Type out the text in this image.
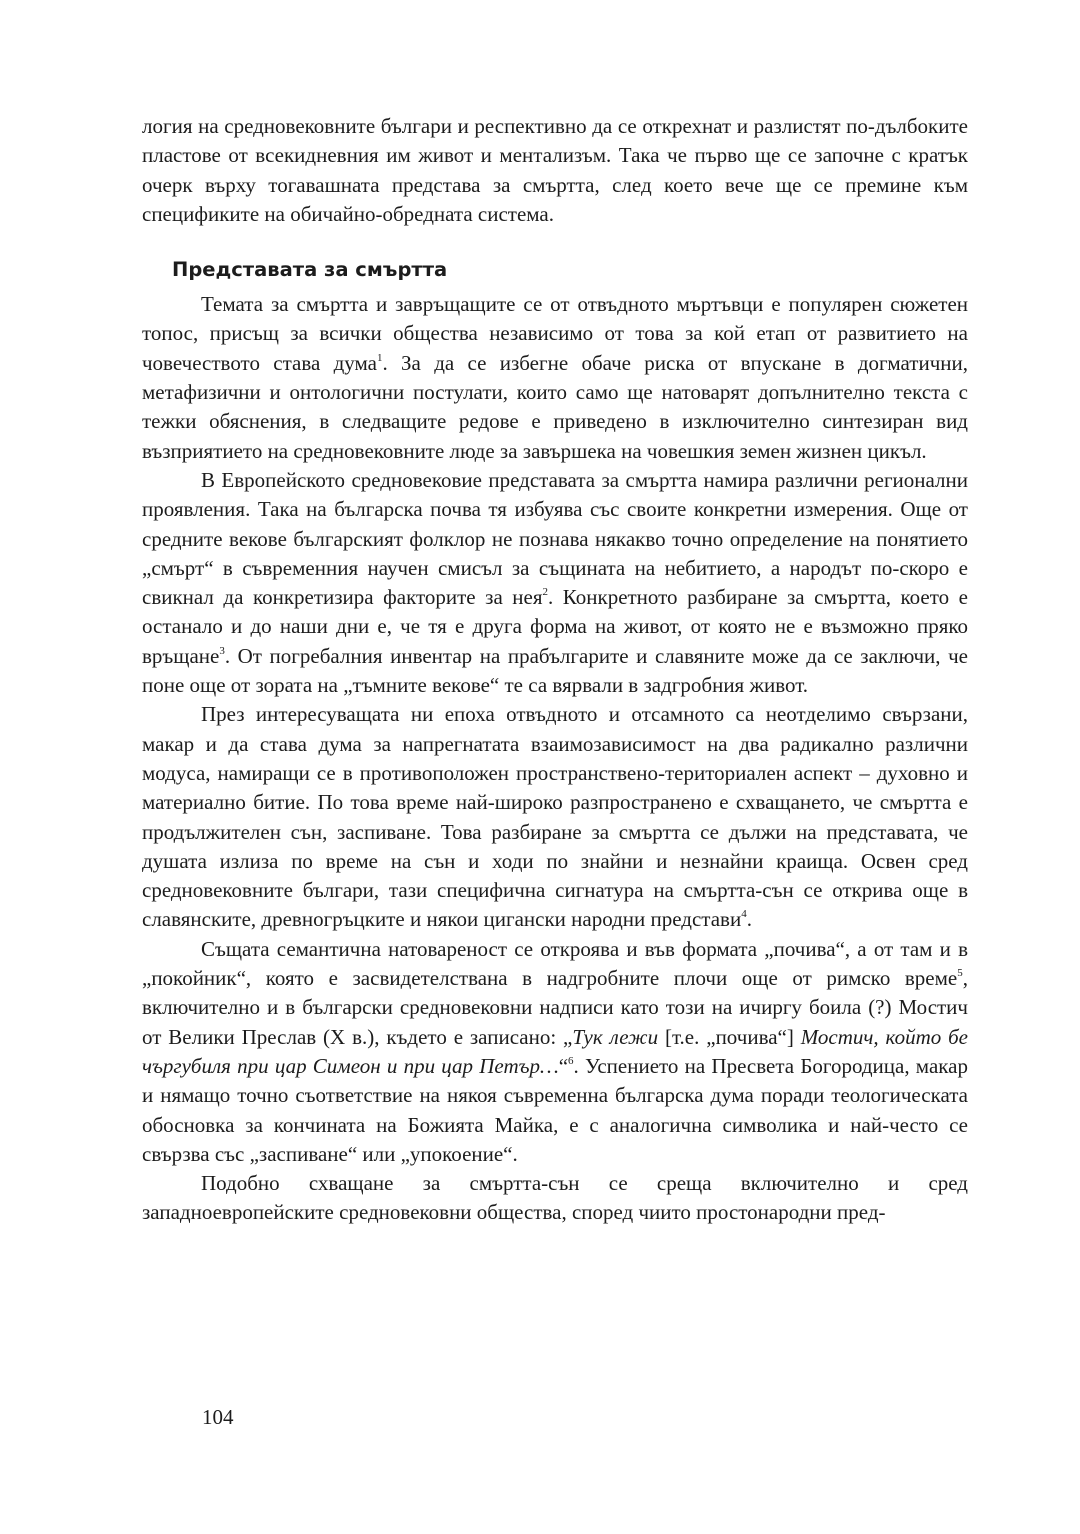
логия на средновековните българи и респективно да се открехнат и разлистят по-дълбоките пластове от всекидневния им живот и ментализъм. Така че първо ще се започне с кратък очерк върху тогавашната представа за смъртта, след което вече ще се премине към спецификите на обичайно-обредната система.

Представата за смъртта

Темата за смъртта и завръщащите се от отвъдното мъртъвци е популярен сюжетен топос, присъщ за всички общества независимо от това за кой етап от развитието на човечеството става дума$^1$. За да се избегне обаче риска от впускане в догматични, метафизични и онтологични постулати, които само ще натоварят допълнително текста с тежки обяснения, в следващите редове е приведено в изключително синтезиран вид възприятието на средновековните люде за завършека на човешкия земен жизнен цикъл.

В Европейското средновековие представата за смъртта намира различни регионални проявления. Така на българска почва тя избуява със своите конкретни измерения. Още от средните векове българският фолклор не познава някакво точно определение на понятието „смърт“ в съвременния научен смисъл за същината на небитието, а народът по-скоро е свикнал да конкретизира факторите за нея$^2$. Конкретното разбиране за смъртта, което е останало и до наши дни е, че тя е друга форма на живот, от която не е възможно пряко връщане$^3$. От погребалния инвентар на прабългарите и славяните може да се заключи, че поне още от зората на „тъмните векове“ те са вярвали в задгробния живот.

През интересуващата ни епоха отвъдното и отсамното са неотделимо свързани, макар и да става дума за напрегнатата взаимозависимост на два радикално различни модуса, намиращи се в противоположен пространствено-териториален аспект – духовно и материално битие. По това време най-широко разпространено е схващането, че смъртта е продължителен сън, заспиване. Това разбиране за смъртта се дължи на представата, че душата излиза по време на сън и ходи по знайни и незнайни краища. Освен сред средновековните българи, тази специфична сигнатура на смъртта-сън се открива още в славянските, древногръцките и някои цигански народни представи$^4$.

Същата семантична натовареност се откроява и във формата „почива“, а от там и в „покойник“, която е засвидетелствана в надгробните плочи още от римско време$^5$, включително и в български средновековни надписи като този на ичиргу боила (?) Мостич от Велики Преслав (X в.), където е записано: „Тук лежи [т.е. „почива“] Мостич, който бе чъргубиля при цар Симеон и при цар Петър…“$^6$. Успението на Пресвета Богородица, макар и нямащо точно съответствие на някоя съвременна българска дума поради теологическата обосновка за кончината на Божията Майка, е с аналогична символика и най-често се свързва със „заспиване“ или „упокоение“.

Подобно схващане за смъртта-сън се среща включително и сред западноевропейските средновековни общества, според чиито простонародни пред-

104
